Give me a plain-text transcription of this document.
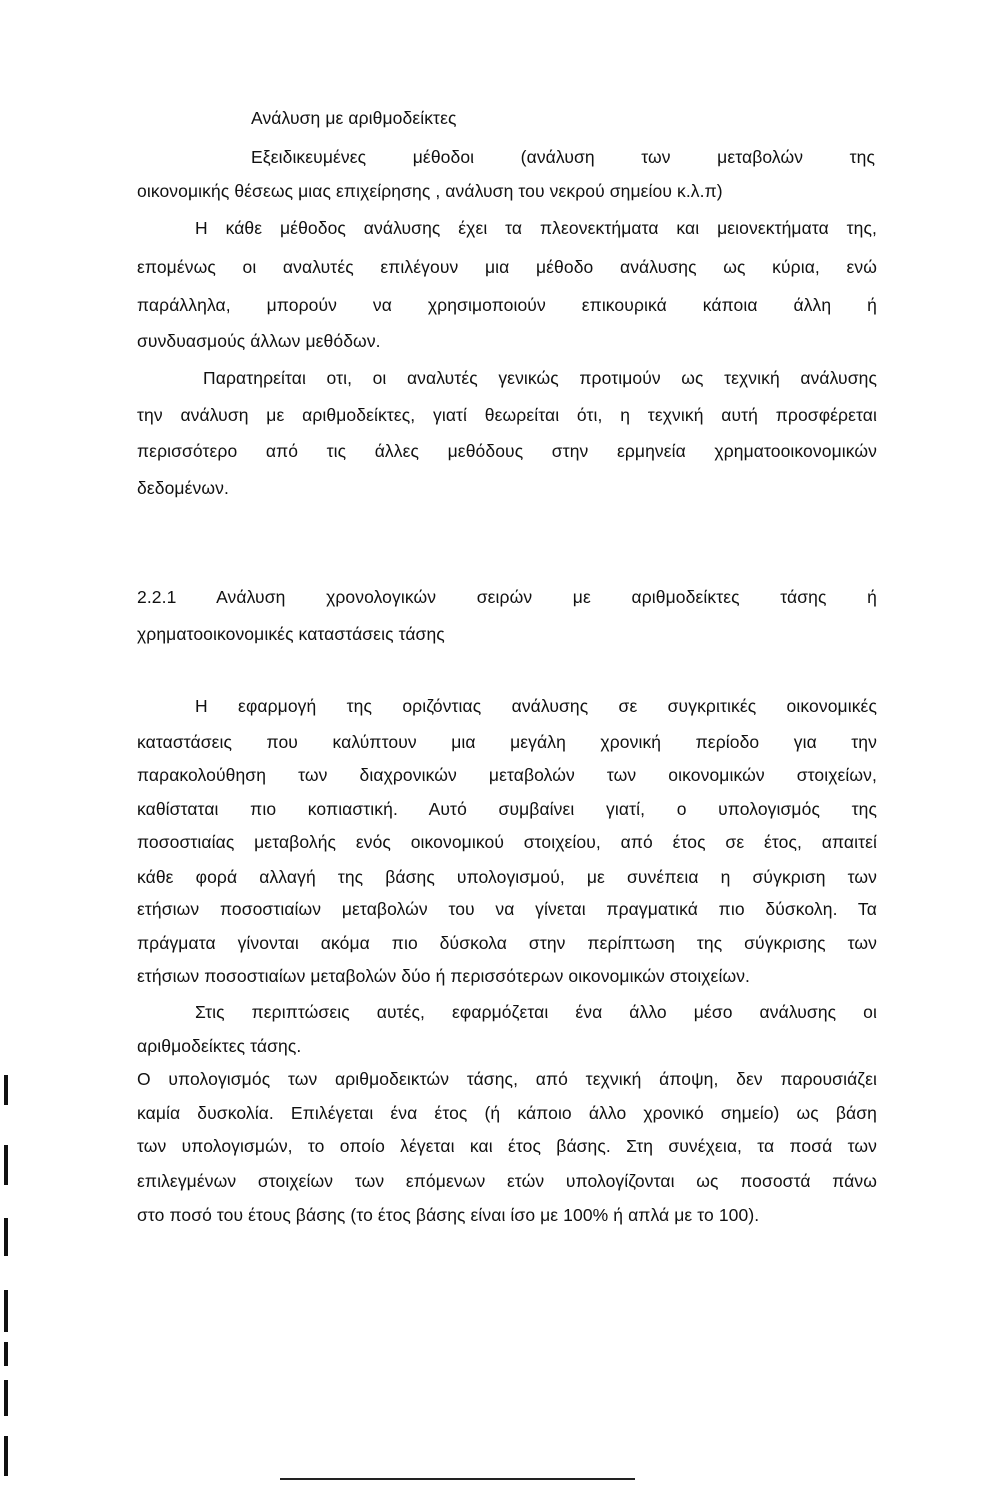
Ανάλυση με αριθμοδείκτες
Εξειδικευμένες μέθοδοι (ανάλυση των μεταβολών της
οικονομικής θέσεως μιας επιχείρησης , ανάλυση του νεκρού σημείου κ.λ.π)
Η κάθε μέθοδος ανάλυσης έχει τα πλεονεκτήματα και μειονεκτήματα της,
επομένως οι αναλυτές επιλέγουν μια μέθοδο ανάλυσης ως κύρια, ενώ
παράλληλα, μπορούν να χρησιμοποιούν επικουρικά κάποια άλλη ή
συνδυασμούς άλλων μεθόδων.
Παρατηρείται οτι, οι αναλυτές γενικώς προτιμούν ως τεχνική ανάλυσης
την ανάλυση με αριθμοδείκτες, γιατί θεωρείται ότι, η τεχνική αυτή προσφέρεται
περισσότερο από τις άλλες μεθόδους στην ερμηνεία χρηματοοικονομικών
δεδομένων.
2.2.1 Ανάλυση χρονολογικών σειρών με αριθμοδείκτες τάσης ή
χρηματοοικονομικές καταστάσεις τάσης
Η εφαρμογή της οριζόντιας ανάλυσης σε συγκριτικές οικονομικές
καταστάσεις που καλύπτουν μια μεγάλη χρονική περίοδο για την
παρακολούθηση των διαχρονικών μεταβολών των οικονομικών στοιχείων,
καθίσταται πιο κοπιαστική. Αυτό συμβαίνει γιατί, ο υπολογισμός της
ποσοστιαίας μεταβολής ενός οικονομικού στοιχείου, από έτος σε έτος, απαιτεί
κάθε φορά αλλαγή της βάσης υπολογισμού, με συνέπεια η σύγκριση των
ετήσιων ποσοστιαίων μεταβολών του να γίνεται πραγματικά πιο δύσκολη. Τα
πράγματα γίνονται ακόμα πιο δύσκολα στην περίπτωση της σύγκρισης των
ετήσιων ποσοστιαίων μεταβολών δύο ή περισσότερων οικονομικών στοιχείων.
Στις περιπτώσεις αυτές, εφαρμόζεται ένα άλλο μέσο ανάλυσης οι
αριθμοδείκτες τάσης.
Ο υπολογισμός των αριθμοδεικτών τάσης, από τεχνική άποψη, δεν παρουσιάζει
καμία δυσκολία. Επιλέγεται ένα έτος (ή κάποιο άλλο χρονικό σημείο) ως βάση
των υπολογισμών, το οποίο λέγεται και έτος βάσης. Στη συνέχεια, τα ποσά των
επιλεγμένων στοιχείων των επόμενων ετών υπολογίζονται ως ποσοστά πάνω
στο ποσό του έτους βάσης (το έτος βάσης είναι ίσο με 100% ή απλά με το 100).
